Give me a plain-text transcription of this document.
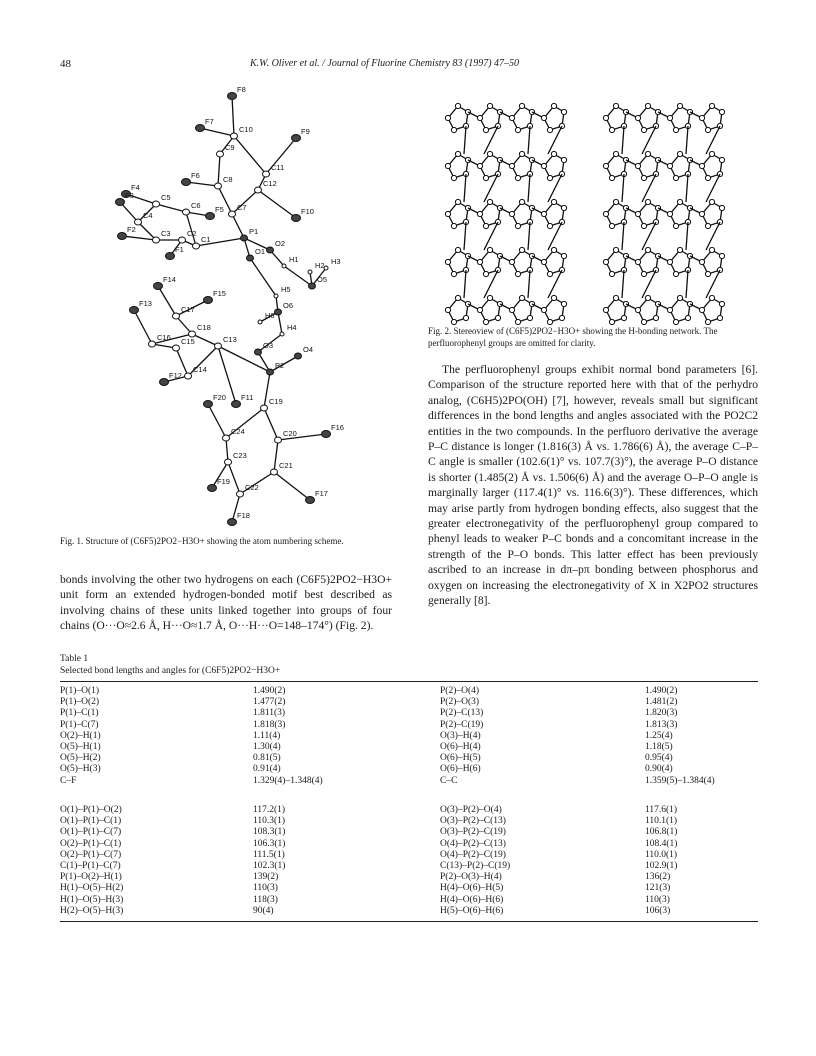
48	K.W. Oliver et al. / Journal of Fluorine Chemistry 83 (1997) 47–50
F8
F7
C10	F9
C9
C11
F6	C8	C12
F4
F3	C5
C6 F5 C7	F10
C4
F2	C3 C2
C1
P1
O2
F1	O1
H1
H2 H3
O5
F14
H5
F15
F13
C17	O6
H6
C18	H4
C16 C15	C13
O3	O4
F12
C14	P2
F20 F11 C19
F16
C24	C20
C23
C21
F19
C22
F17
F18
Fig. 1. Structure of (C6F5)2PO2−H3O+ showing the atom numbering scheme.
Fig. 2. Stereoview of (C6F5)2PO2−H3O+ showing the H-bonding network. The perfluorophenyl groups are omitted for clarity.
bonds involving the other two hydrogens on each (C6F5)2PO2−H3O+ unit form an extended hydrogen-bonded motif best described as involving chains of these units linked together into groups of four chains (O···O≈2.6 Å, H···O≈1.7 Å, O···H···O=148–174°) (Fig. 2).
The perfluorophenyl groups exhibit normal bond parameters [6]. Comparison of the structure reported here with that of the perhydro analog, (C6H5)2PO(OH) [7], however, reveals small but significant differences in the bond lengths and angles associated with the PO2C2 entities in the two compounds. In the perfluoro derivative the average P–C distance is longer (1.816(3) Å vs. 1.786(6) Å), the average C–P–C angle is smaller (102.6(1)° vs. 107.7(3)°), the average P–O distance is shorter (1.485(2) Å vs. 1.506(6) Å) and the average O–P–O angle is marginally larger (117.4(1)° vs. 116.6(3)°). These differences, which may arise partly from hydrogen bonding effects, also suggest that the greater electronegativity of the perfluorophenyl group compared to phenyl leads to weaker P–C bonds and a concomitant increase in the strength of the P–O bonds. This latter effect has been previously ascribed to an increase in dπ–pπ bonding between phosphorus and oxygen on increasing the electronegativity of X in X2PO2 structures generally [8].
Table 1
Selected bond lengths and angles for (C6F5)2PO2−H3O+
P(1)–O(1)	1.490(2)	P(2)–O(4)	1.490(2)
P(1)–O(2)	1.477(2)	P(2)–O(3)	1.481(2)
P(1)–C(1)	1.811(3)	P(2)–C(13)	1.820(3)
P(1)–C(7)	1.818(3)	P(2)–C(19)	1.813(3)
O(2)–H(1)	1.11(4)	O(3)–H(4)	1.25(4)
O(5)–H(1)	1.30(4)	O(6)–H(4)	1.18(5)
O(5)–H(2)	0.81(5)	O(6)–H(5)	0.95(4)
O(5)–H(3)	0.91(4)	O(6)–H(6)	0.90(4)
C–F	1.329(4)–1.348(4)	C–C	1.359(5)–1.384(4)
O(1)–P(1)–O(2)	117.2(1)	O(3)–P(2)–O(4)	117.6(1)
O(1)–P(1)–C(1)	110.3(1)	O(3)–P(2)–C(13)	110.1(1)
O(1)–P(1)–C(7)	108.3(1)	O(3)–P(2)–C(19)	106.8(1)
O(2)–P(1)–C(1)	106.3(1)	O(4)–P(2)–C(13)	108.4(1)
O(2)–P(1)–C(7)	111.5(1)	O(4)–P(2)–C(19)	110.0(1)
C(1)–P(1)–C(7)	102.3(1)	C(13)–P(2)–C(19)	102.9(1)
P(1)–O(2)–H(1)	139(2)	P(2)–O(3)–H(4)	136(2)
H(1)–O(5)–H(2)	110(3)	H(4)–O(6)–H(5)	121(3)
H(1)–O(5)–H(3)	118(3)	H(4)–O(6)–H(6)	110(3)
H(2)–O(5)–H(3)	90(4)	H(5)–O(6)–H(6)	106(3)
